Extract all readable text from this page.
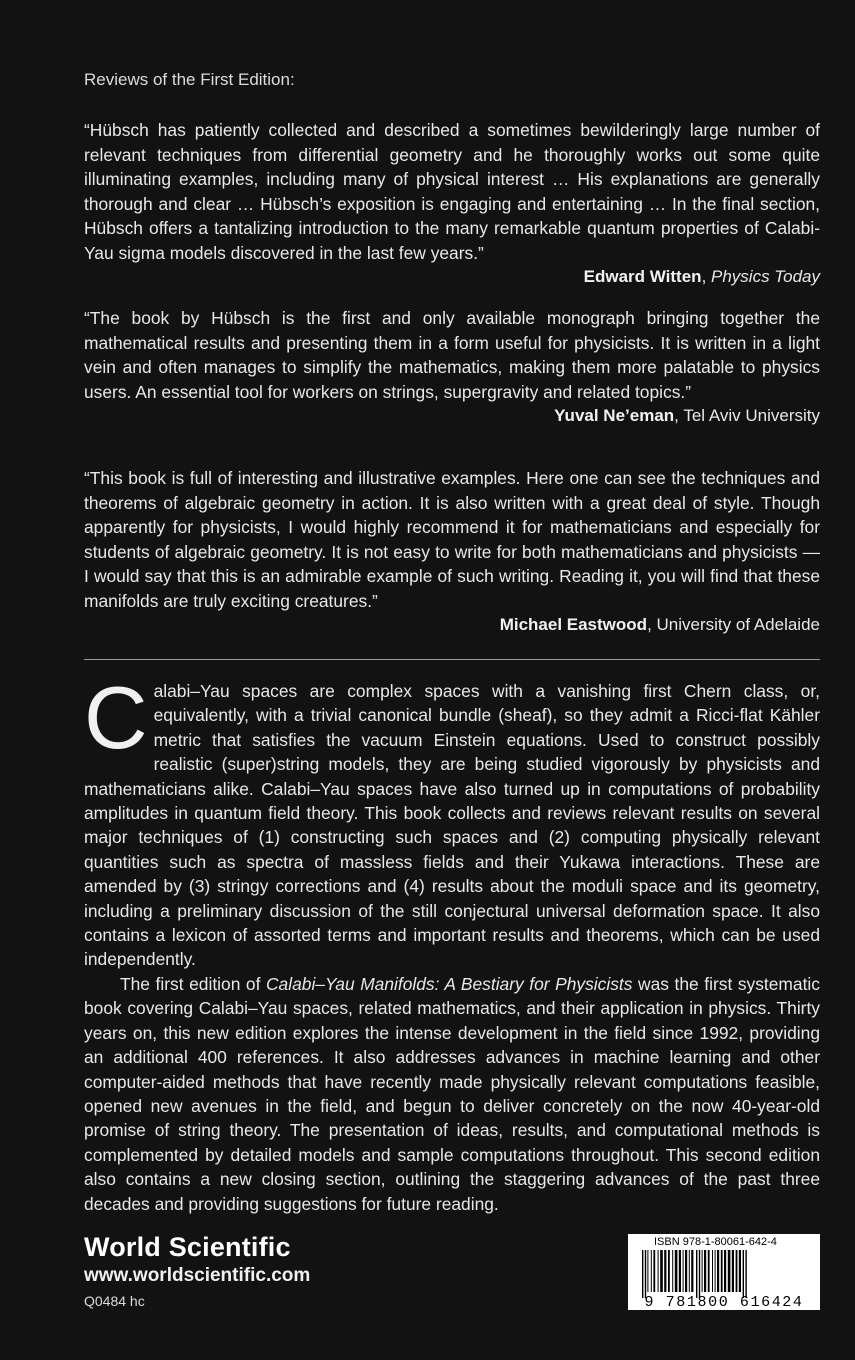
Reviews of the First Edition:

“Hübsch has patiently collected and described a sometimes bewilderingly large number of relevant techniques from differential geometry and he thoroughly works out some quite illuminating examples, including many of physical interest … His explanations are generally thorough and clear … Hübsch’s exposition is engaging and entertaining … In the final section, Hübsch offers a tantalizing introduction to the many remarkable quantum properties of Calabi-Yau sigma models discovered in the last few years.”

Edward Witten, Physics Today

“The book by Hübsch is the first and only available monograph bringing together the mathematical results and presenting them in a form useful for physicists. It is written in a light vein and often manages to simplify the mathematics, making them more palatable to physics users. An essential tool for workers on strings, supergravity and related topics.”

Yuval Ne’eman, Tel Aviv University

“This book is full of interesting and illustrative examples. Here one can see the techniques and theorems of algebraic geometry in action. It is also written with a great deal of style. Though apparently for physicists, I would highly recommend it for mathematicians and especially for students of algebraic geometry. It is not easy to write for both mathematicians and physicists — I would say that this is an admirable example of such writing. Reading it, you will find that these manifolds are truly exciting creatures.”

Michael Eastwood, University of Adelaide

Calabi–Yau spaces are complex spaces with a vanishing first Chern class, or, equivalently, with a trivial canonical bundle (sheaf), so they admit a Ricci-flat Kähler metric that satisfies the vacuum Einstein equations. Used to construct possibly realistic (super)string models, they are being studied vigorously by physicists and mathematicians alike. Calabi–Yau spaces have also turned up in computations of probability amplitudes in quantum field theory. This book collects and reviews relevant results on several major techniques of (1) constructing such spaces and (2) computing physically relevant quantities such as spectra of massless fields and their Yukawa interactions. These are amended by (3) stringy corrections and (4) results about the moduli space and its geometry, including a preliminary discussion of the still conjectural universal deformation space. It also contains a lexicon of assorted terms and important results and theorems, which can be used independently.

The first edition of Calabi–Yau Manifolds: A Bestiary for Physicists was the first systematic book covering Calabi–Yau spaces, related mathematics, and their application in physics. Thirty years on, this new edition explores the intense development in the field since 1992, providing an additional 400 references. It also addresses advances in machine learning and other computer-aided methods that have recently made physically relevant computations feasible, opened new avenues in the field, and begun to deliver concretely on the now 40-year-old promise of string theory. The presentation of ideas, results, and computational methods is complemented by detailed models and sample computations throughout. This second edition also contains a new closing section, outlining the staggering advances of the past three decades and providing suggestions for future reading.

World Scientific
www.worldscientific.com
Q0484 hc
ISBN 978-1-80061-642-4
9 781800 616424
